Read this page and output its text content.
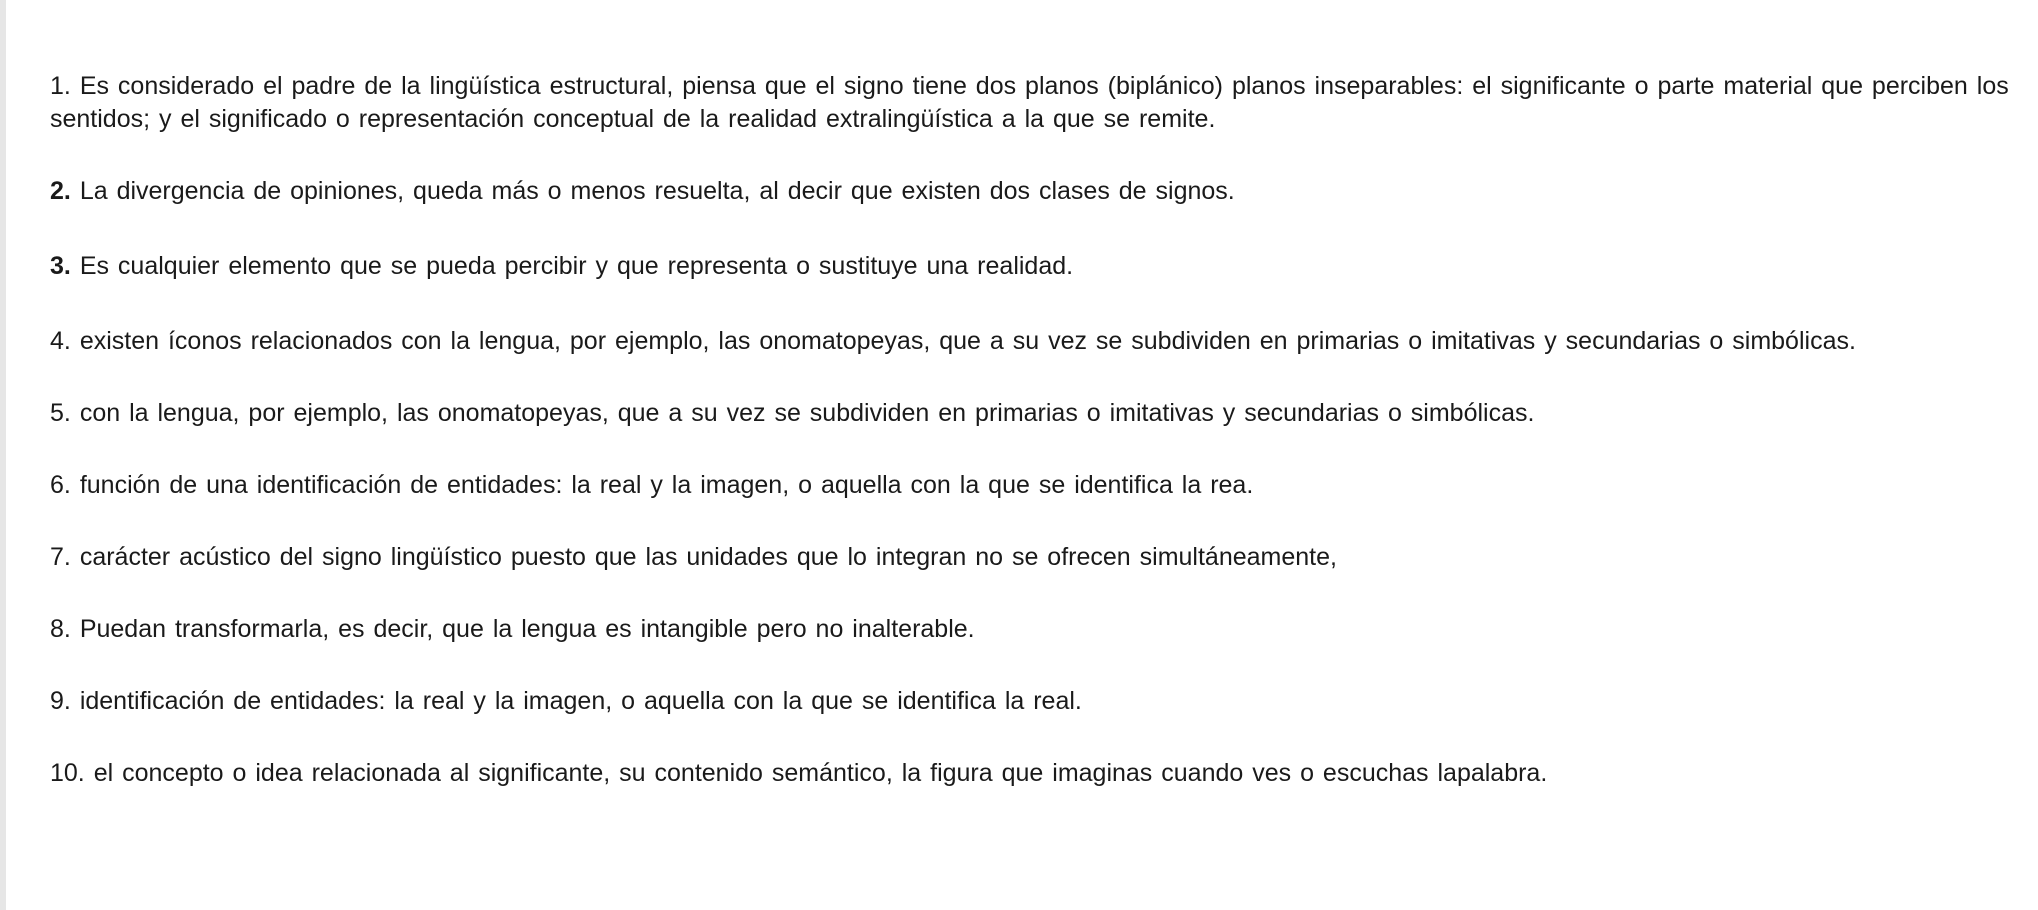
1. Es considerado el padre de la lingüística estructural, piensa que el signo tiene dos planos (biplánico) planos inseparables: el significante o parte material que perciben los sentidos; y el significado o representación conceptual de la realidad extralingüística a la que se remite.
2. La divergencia de opiniones, queda más o menos resuelta, al decir que existen dos clases de signos.
3. Es cualquier elemento que se pueda percibir y que representa o sustituye una realidad.
4. existen íconos relacionados con la lengua, por ejemplo, las onomatopeyas, que a su vez se subdividen en primarias o imitativas y secundarias o simbólicas.
5. con la lengua, por ejemplo, las onomatopeyas, que a su vez se subdividen en primarias o imitativas y secundarias o simbólicas.
6. función de una identificación de entidades: la real y la imagen, o aquella con la que se identifica la rea.
7. carácter acústico del signo lingüístico puesto que las unidades que lo integran no se ofrecen simultáneamente,
8. Puedan transformarla, es decir, que la lengua es intangible pero no inalterable.
9. identificación de entidades: la real y la imagen, o aquella con la que se identifica la real.
10. el concepto o idea relacionada al significante, su contenido semántico, la figura que imaginas cuando ves o escuchas lapalabra.
